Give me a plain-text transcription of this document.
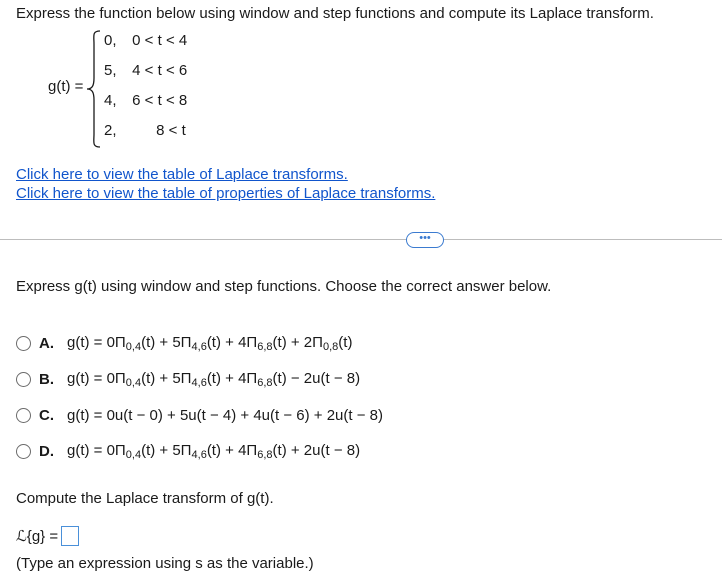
Express the function below using window and step functions and compute its Laplace transform.
g(t) =
0, 0 < t < 4
5, 4 < t < 6
4, 6 < t < 8
2,	8 < t
Click here to view the table of Laplace transforms.
Click here to view the table of properties of Laplace transforms.
•••
Express g(t) using window and step functions. Choose the correct answer below.
A. $g(t) = 0\Pi_{0,4}(t) + 5\Pi_{4,6}(t) + 4\Pi_{6,8}(t) + 2\Pi_{0,8}(t)$
B. $g(t) = 0\Pi_{0,4}(t) + 5\Pi_{4,6}(t) + 4\Pi_{6,8}(t) - 2u(t - 8)$
C. g(t) = 0u(t − 0) + 5u(t − 4) + 4u(t − 6) + 2u(t − 8)
D. $g(t) = 0\Pi_{0,4}(t) + 5\Pi_{4,6}(t) + 4\Pi_{6,8}(t) + 2u(t - 8)$
Compute the Laplace transform of g(t).
ℒ{g} =
(Type an expression using s as the variable.)
